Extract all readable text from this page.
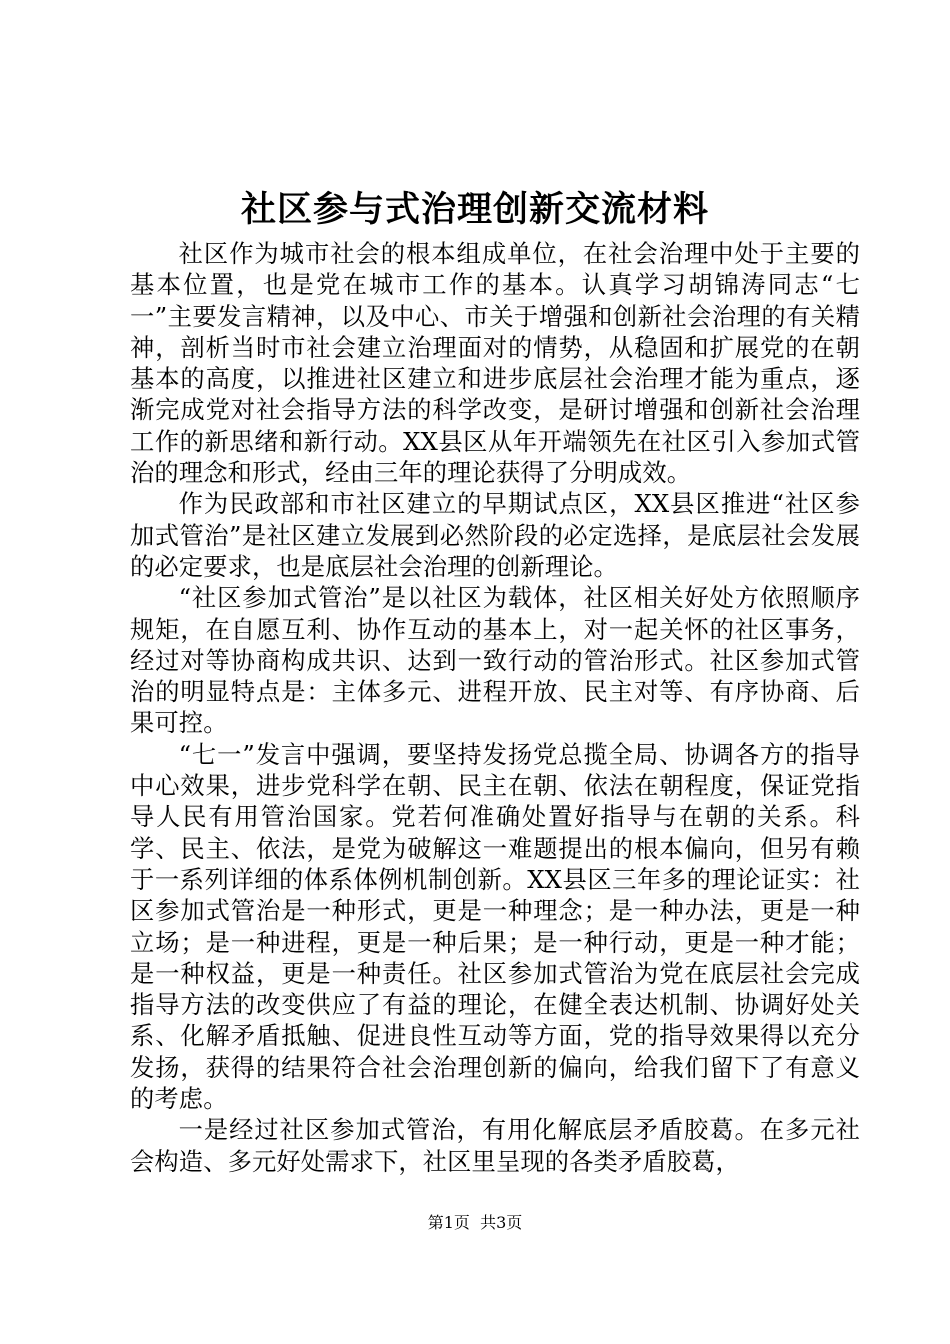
社区参与式治理创新交流材料

社区作为城市社会的根本组成单位，在社会治理中处于主要的基本位置，也是党在城市工作的基本。认真学习胡锦涛同志“七一”主要发言精神，以及中心、市关于增强和创新社会治理的有关精神，剖析当时市社会建立治理面对的情势，从稳固和扩展党的在朝基本的高度，以推进社区建立和进步底层社会治理才能为重点，逐渐完成党对社会指导方法的科学改变，是研讨增强和创新社会治理工作的新思绪和新行动。XX县区从年开端领先在社区引入参加式管治的理念和形式，经由三年的理论获得了分明成效。

作为民政部和市社区建立的早期试点区，XX县区推进“社区参加式管治”是社区建立发展到必然阶段的必定选择，是底层社会发展的必定要求，也是底层社会治理的创新理论。

“社区参加式管治”是以社区为载体，社区相关好处方依照顺序规矩，在自愿互利、协作互动的基本上，对一起关怀的社区事务，经过对等协商构成共识、达到一致行动的管治形式。社区参加式管治的明显特点是：主体多元、进程开放、民主对等、有序协商、后果可控。

“七一”发言中强调，要坚持发扬党总揽全局、协调各方的指导中心效果，进步党科学在朝、民主在朝、依法在朝程度，保证党指导人民有用管治国家。党若何准确处置好指导与在朝的关系。科学、民主、依法，是党为破解这一难题提出的根本偏向，但另有赖于一系列详细的体系体例机制创新。XX县区三年多的理论证实：社区参加式管治是一种形式，更是一种理念；是一种办法，更是一种立场；是一种进程，更是一种后果；是一种行动，更是一种才能；是一种权益，更是一种责任。社区参加式管治为党在底层社会完成指导方法的改变供应了有益的理论，在健全表达机制、协调好处关系、化解矛盾抵触、促进良性互动等方面，党的指导效果得以充分发扬，获得的结果符合社会治理创新的偏向，给我们留下了有意义的考虑。

一是经过社区参加式管治，有用化解底层矛盾胶葛。在多元社会构造、多元好处需求下，社区里呈现的各类矛盾胶葛，

第1页 共3页
